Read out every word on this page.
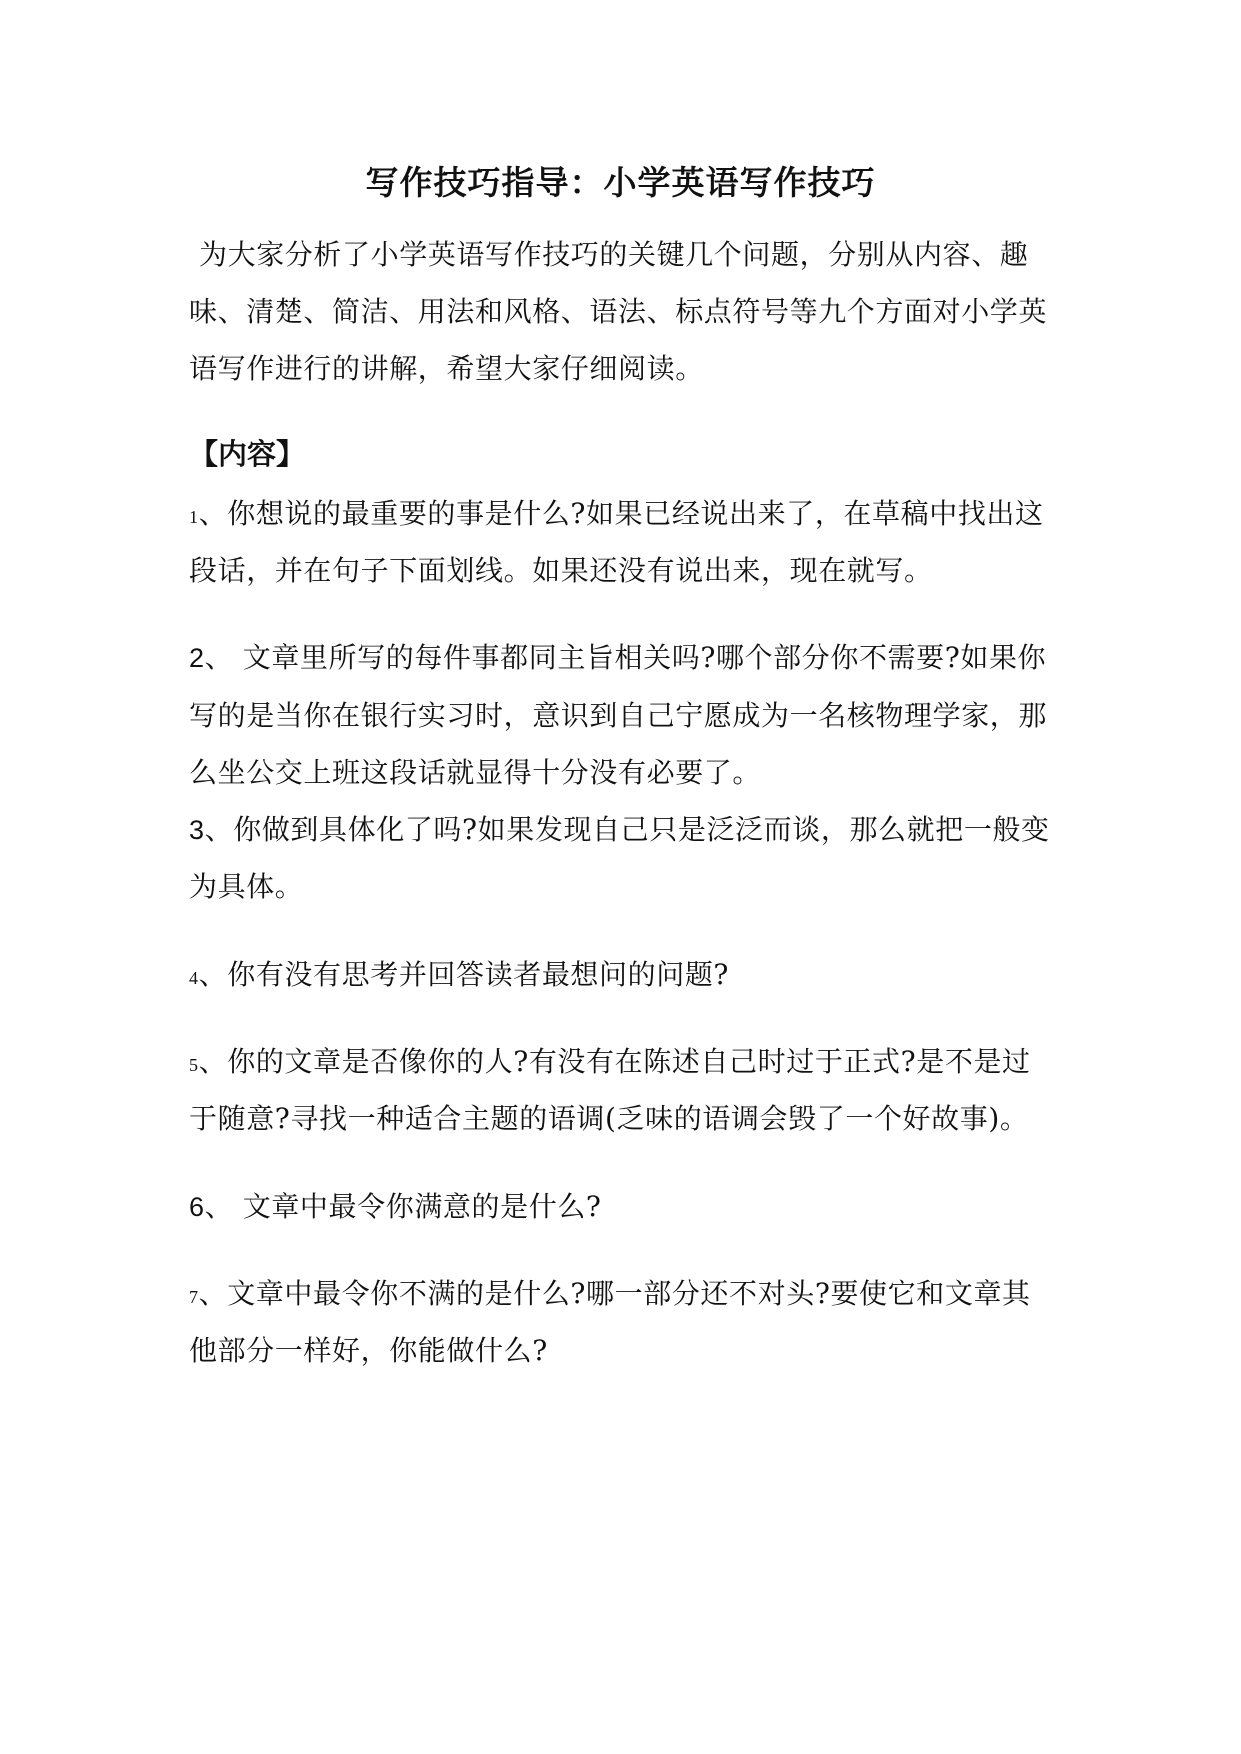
写作技巧指导：小学英语写作技巧
为大家分析了小学英语写作技巧的关键几个问题，分别从内容、趣
味、清楚、简洁、用法和风格、语法、标点符号等九个方面对小学英
语写作进行的讲解，希望大家仔细阅读。
【内容】
1、你想说的最重要的事是什么?如果已经说出来了，在草稿中找出这
段话，并在句子下面划线。如果还没有说出来，现在就写。
2、 文章里所写的每件事都同主旨相关吗?哪个部分你不需要?如果你
写的是当你在银行实习时，意识到自己宁愿成为一名核物理学家，那
么坐公交上班这段话就显得十分没有必要了。
3、你做到具体化了吗?如果发现自己只是泛泛而谈，那么就把一般变
为具体。
4、你有没有思考并回答读者最想问的问题?
5、你的文章是否像你的人?有没有在陈述自己时过于正式?是不是过
于随意?寻找一种适合主题的语调(乏味的语调会毁了一个好故事)。
6、 文章中最令你满意的是什么?
7、文章中最令你不满的是什么?哪一部分还不对头?要使它和文章其
他部分一样好，你能做什么?
